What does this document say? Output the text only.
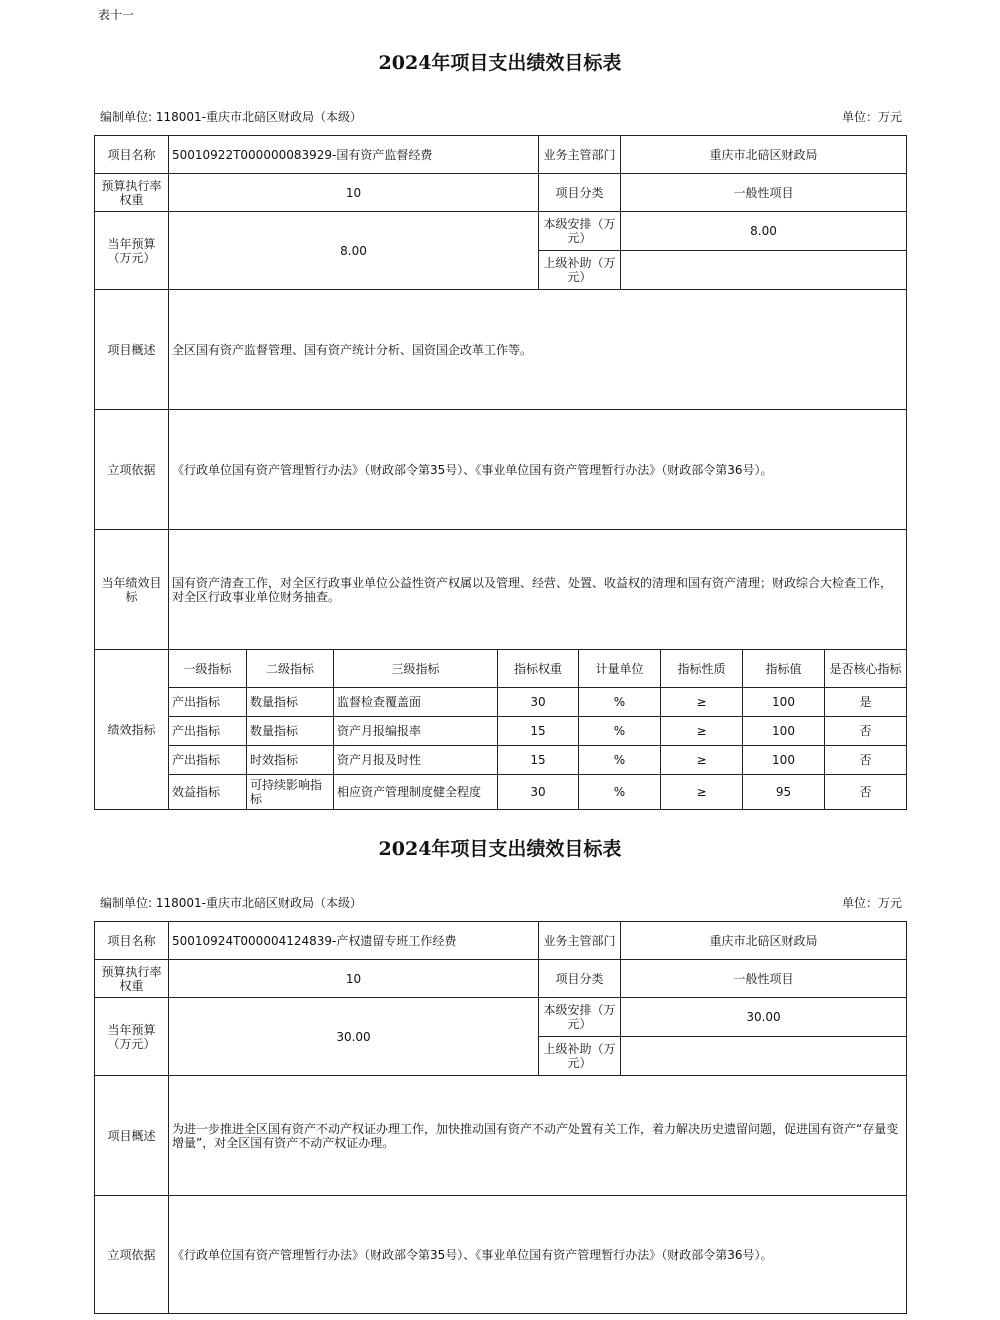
表十一
2024年项目支出绩效目标表
编制单位: 118001-重庆市北碚区财政局（本级）	单位：万元
项目名称	50010922T000000083929-国有资产监督经费	业务主管部门	重庆市北碚区财政局
预算执行率权重	10	项目分类	一般性项目
当年预算（万元）	8.00	本级安排（万元）	8.00
		上级补助（万元）	
项目概述	全区国有资产监督管理、国有资产统计分析、国资国企改革工作等。		
立项依据	《行政单位国有资产管理暂行办法》（财政部令第35号）、《事业单位国有资产管理暂行办法》（财政部令第36号）。		
当年绩效目标	国有资产清查工作，对全区行政事业单位公益性资产权属以及管理、经营、处置、收益权的清理和国有资产清理；财政综合大检查工作，对全区行政事业单位财务抽查。		
绩效指标	一级指标	二级指标	三级指标	指标权重	计量单位	指标性质	指标值	是否核心指标
	产出指标	数量指标	监督检查覆盖面	30	%	≥	100	是
	产出指标	数量指标	资产月报编报率	15	%	≥	100	否
	产出指标	时效指标	资产月报及时性	15	%	≥	100	否
	效益指标	可持续影响指标	相应资产管理制度健全程度	30	%	≥	95	否
2024年项目支出绩效目标表
编制单位: 118001-重庆市北碚区财政局（本级）	单位：万元
项目名称	50010924T000004124839-产权遗留专班工作经费	业务主管部门	重庆市北碚区财政局
预算执行率权重	10	项目分类	一般性项目
当年预算（万元）	30.00	本级安排（万元）	30.00
		上级补助（万元）	
项目概述	为进一步推进全区国有资产不动产权证办理工作，加快推动国有资产不动产处置有关工作，着力解决历史遗留问题，促进国有资产“存量变增量”，对全区国有资产不动产权证办理。		
立项依据	《行政单位国有资产管理暂行办法》（财政部令第35号）、《事业单位国有资产管理暂行办法》（财政部令第36号）。		
